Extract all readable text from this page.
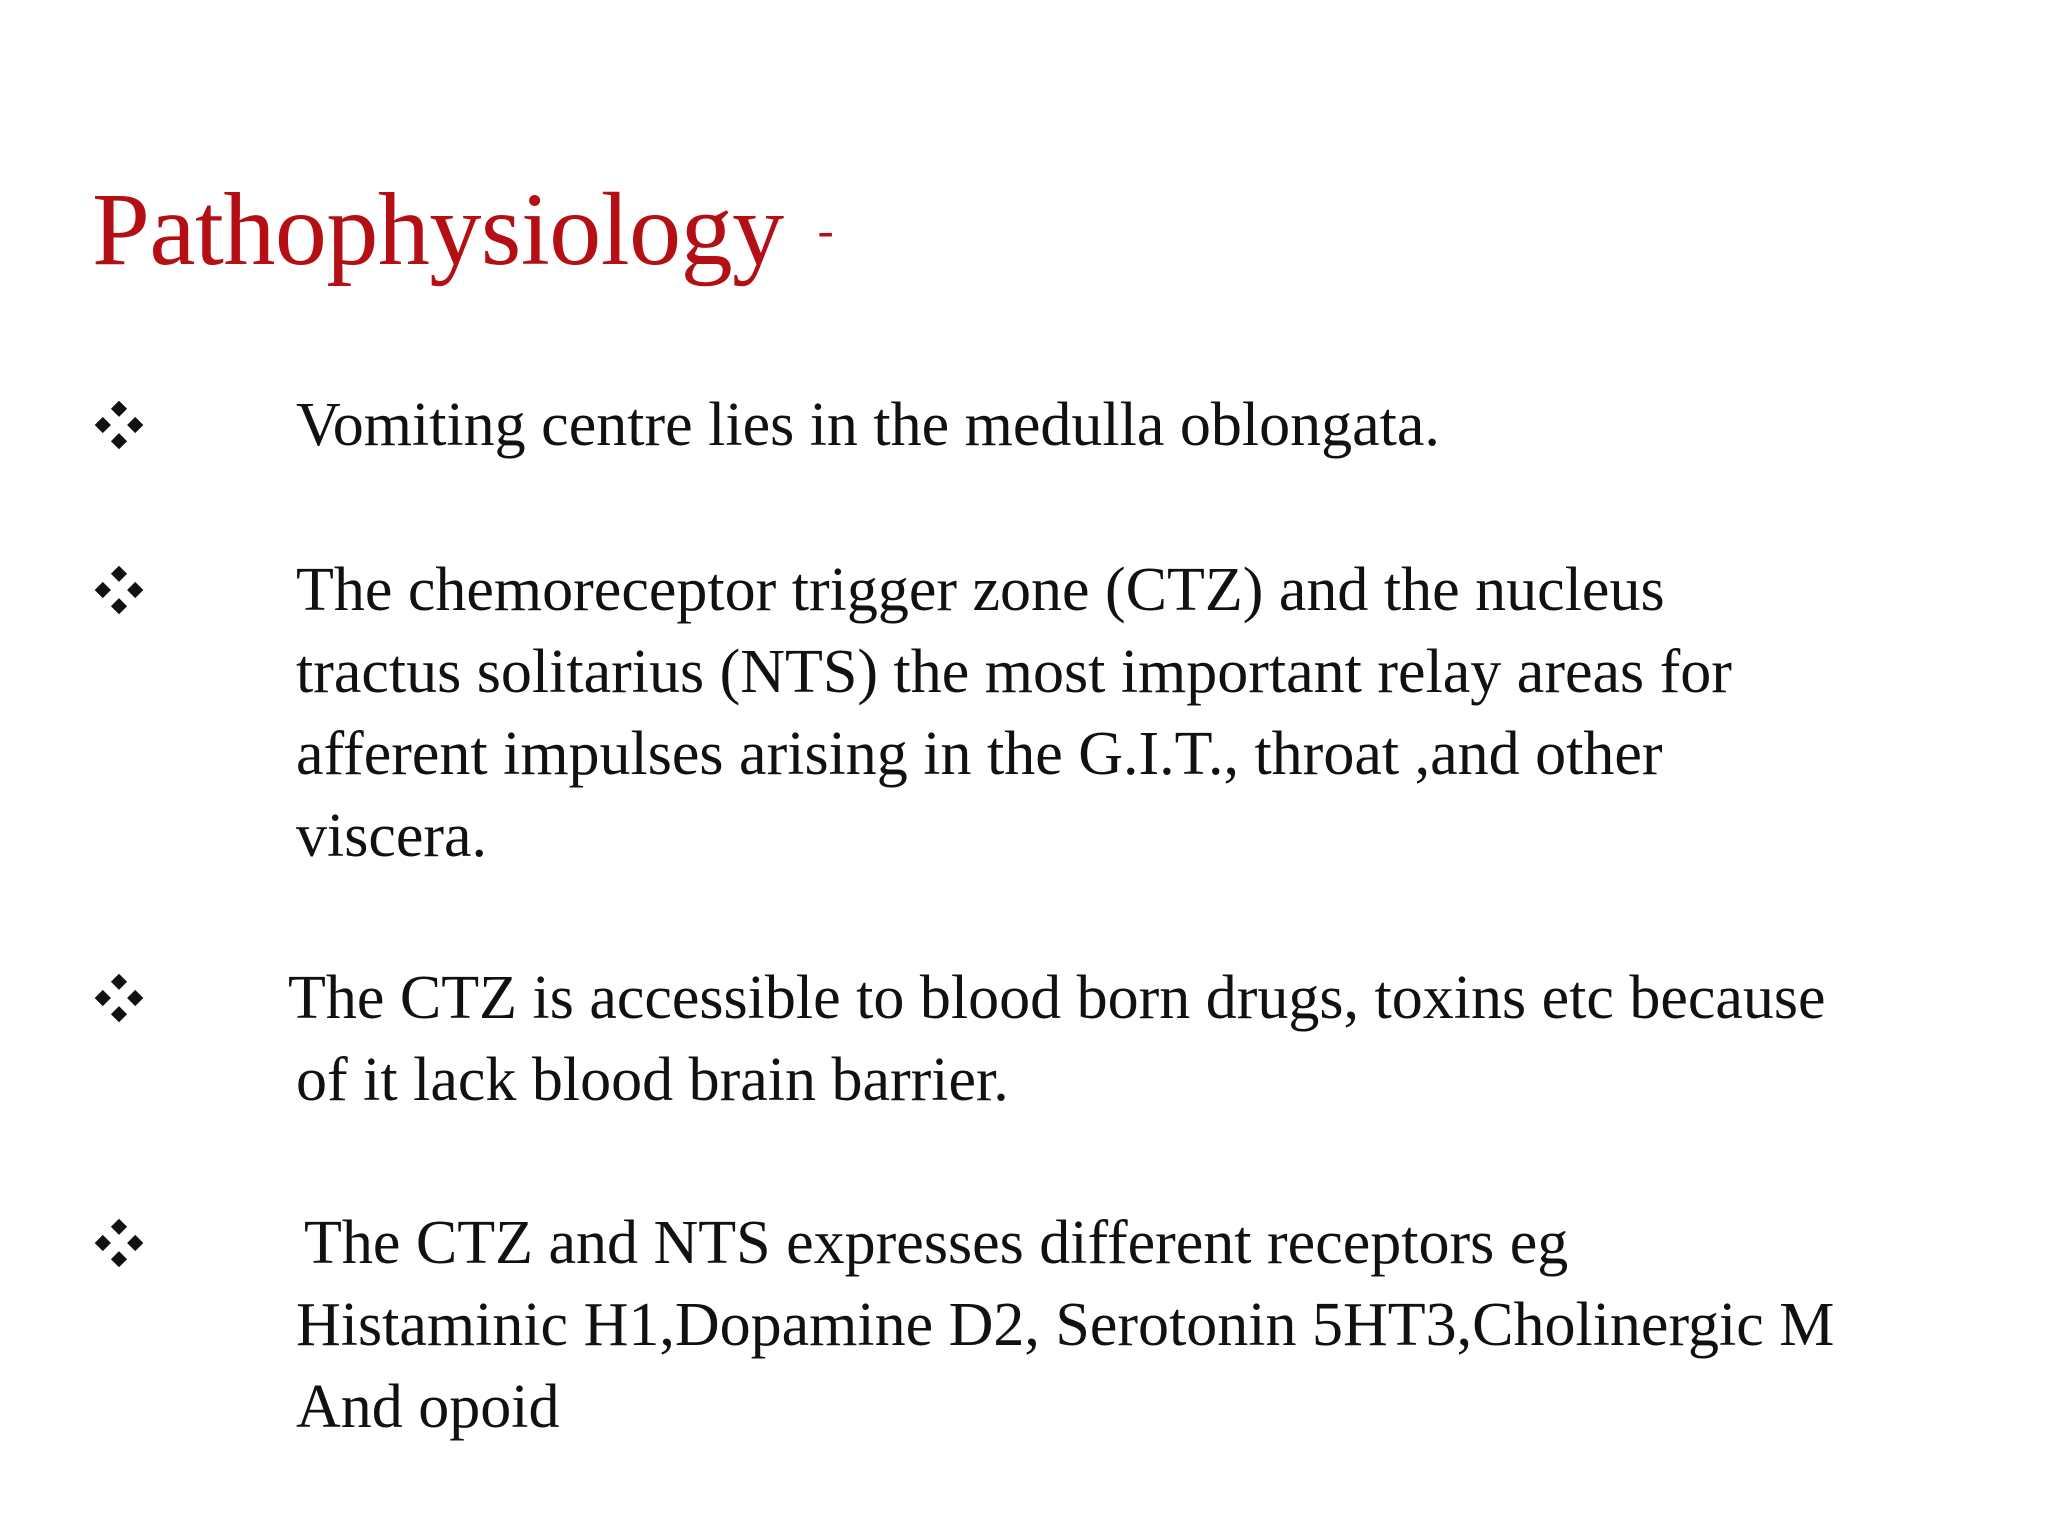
Pathophysiology -

Vomiting centre lies in the medulla oblongata.

The chemoreceptor trigger zone (CTZ) and the nucleus
tractus solitarius (NTS) the most important relay areas for
afferent impulses arising in the G.I.T., throat ,and other
viscera.

The CTZ is accessible to blood born drugs, toxins etc because
of it lack blood brain barrier.

The CTZ and NTS expresses different receptors eg
Histaminic H1,Dopamine D2, Serotonin 5HT3,Cholinergic M
And opoid
